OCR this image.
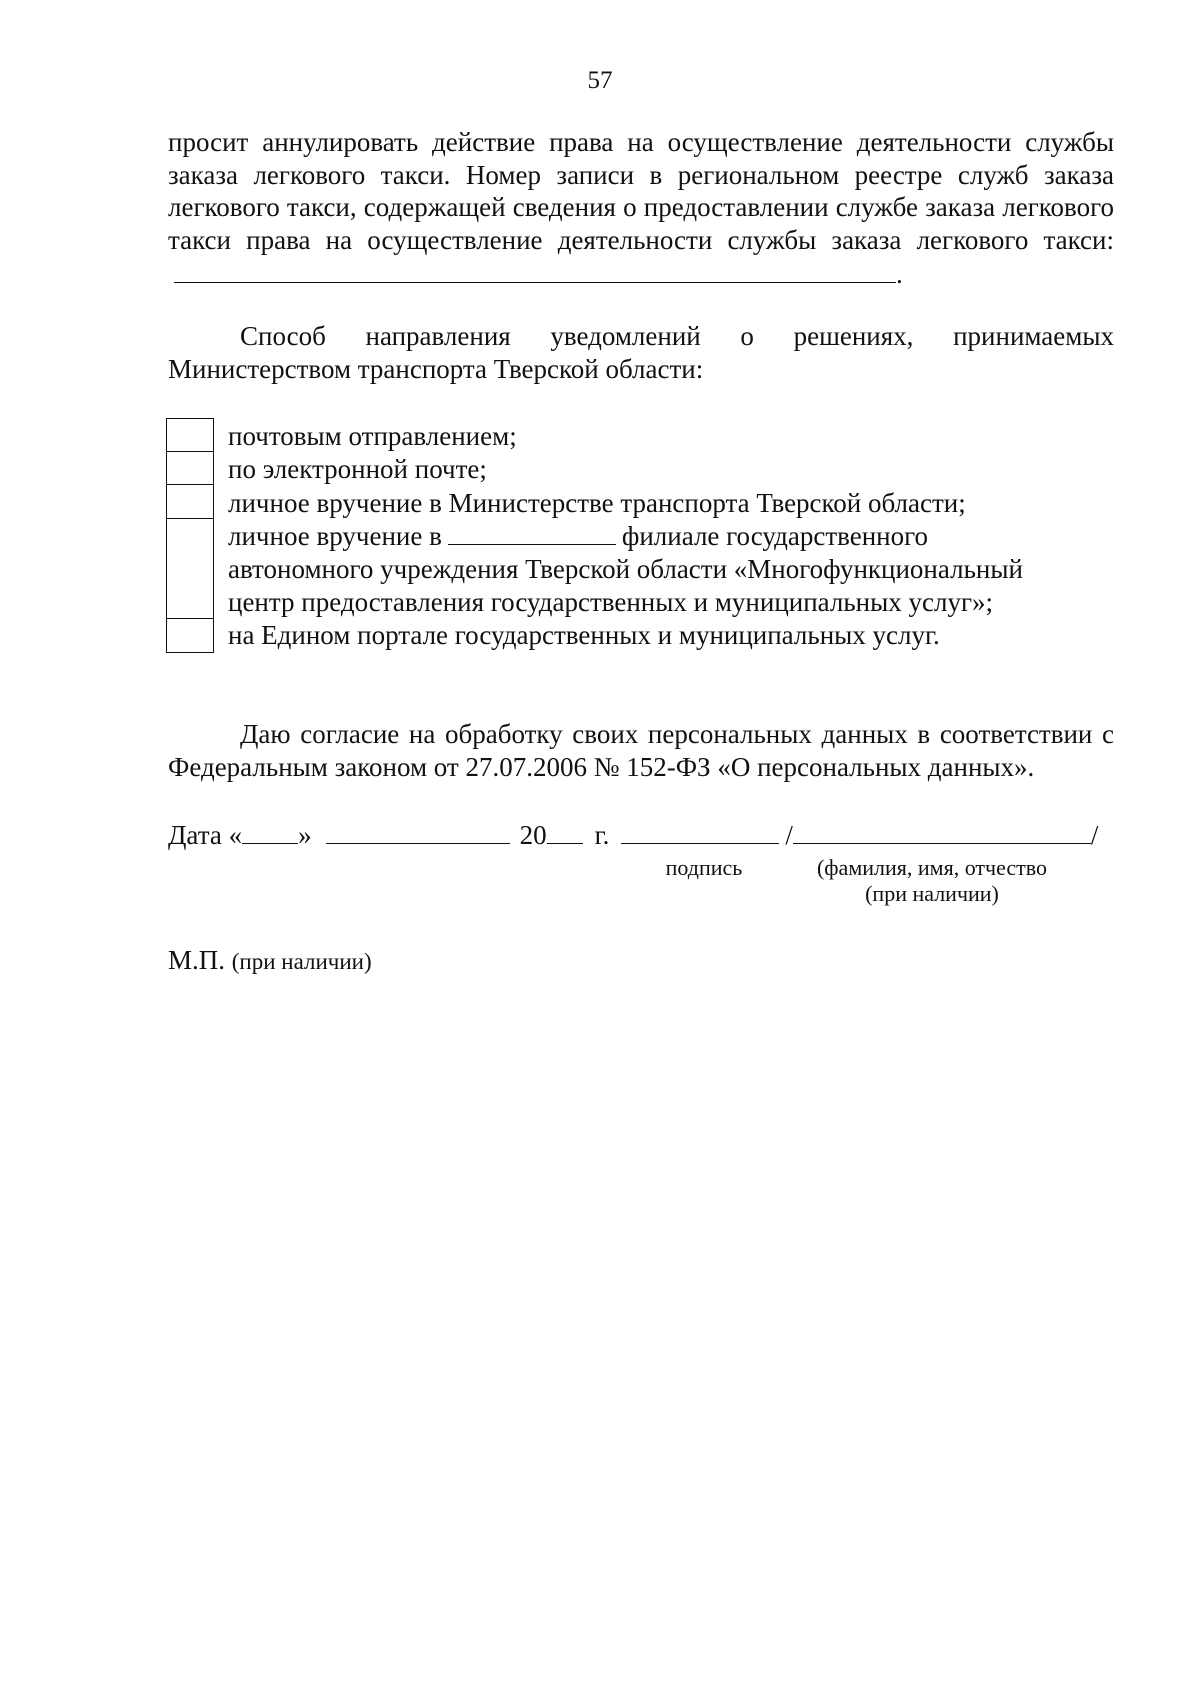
57
просит аннулировать действие права на осуществление деятельности службы заказа легкового такси. Номер записи в региональном реестре служб заказа легкового такси, содержащей сведения о предоставлении службе заказа легкового такси права на осуществление деятельности службы заказа легкового такси:.
Способ направления уведомлений о решениях, принимаемых Министерством транспорта Тверской области:
почтовым отправлением;
по электронной почте;
личное вручение в Министерстве транспорта Тверской области;
личное вручение в	филиале государственного
автономного учреждения Тверской области «Многофункциональный
центр предоставления государственных и муниципальных услуг»;
на Едином портале государственных и муниципальных услуг.
Даю согласие на обработку своих персональных данных в соответствии с Федеральным законом от 27.07.2006 № 152-ФЗ «О персональных данных».
Дата « »	20 г.	/	/
подпись	(фамилия, имя, отчество
(при наличии)
М.П. (при наличии)
